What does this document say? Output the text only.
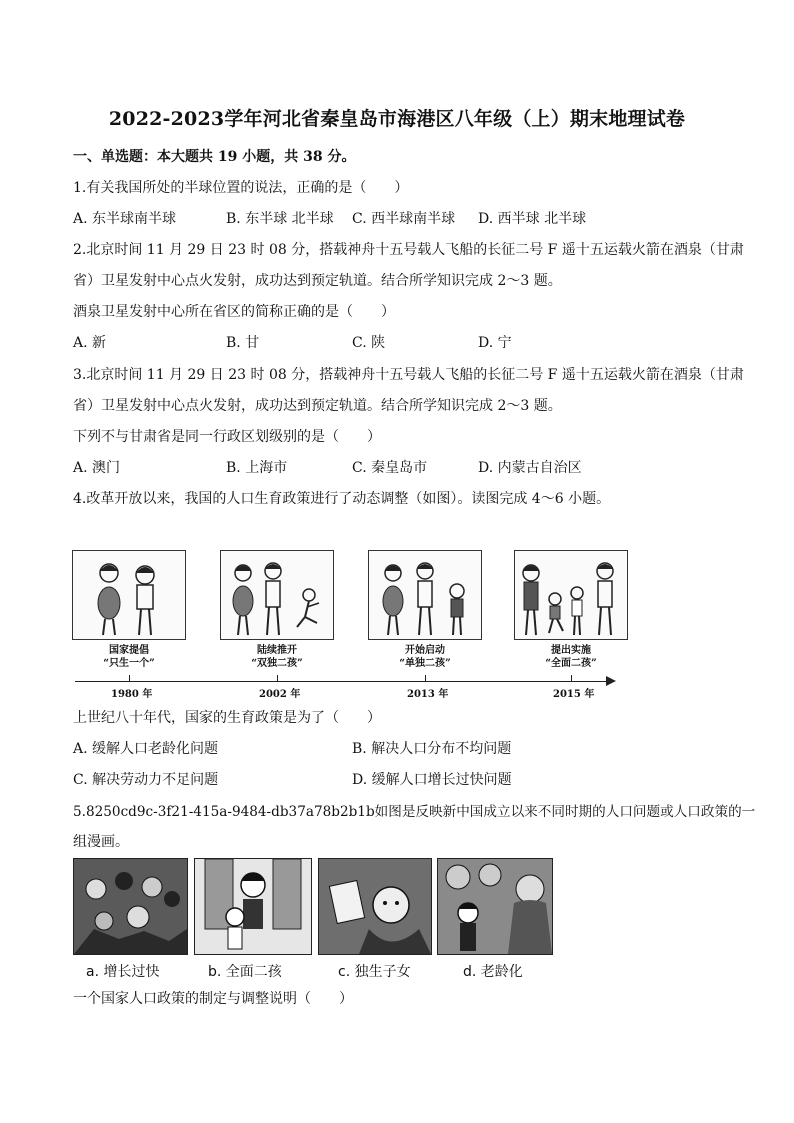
2022-2023学年河北省秦皇岛市海港区八年级（上）期末地理试卷
一、单选题：本大题共 19 小题，共 38 分。
1.有关我国所处的半球位置的说法，正确的是（　　）
A. 东半球南半球	B. 东半球 北半球 C. 西半球南半球 D. 西半球 北半球
2.北京时间 11 月 29 日 23 时 08 分，搭载神舟十五号载人飞船的长征二号 F 遥十五运载火箭在酒泉（甘肃
省）卫星发射中心点火发射，成功达到预定轨道。结合所学知识完成 2～3 题。
酒泉卫星发射中心所在省区的简称正确的是（　　）
A. 新	B. 甘	C. 陕	D. 宁
3.北京时间 11 月 29 日 23 时 08 分，搭载神舟十五号载人飞船的长征二号 F 遥十五运载火箭在酒泉（甘肃
省）卫星发射中心点火发射，成功达到预定轨道。结合所学知识完成 2～3 题。
下列不与甘肃省是同一行政区划级别的是（　　）
A. 澳门	B. 上海市	C. 秦皇岛市	D. 内蒙古自治区
4.改革开放以来，我国的人口生育政策进行了动态调整（如图）。读图完成 4～6 小题。
国家提倡
“只生一个”
陆续推开
“双独二孩”
开始启动
“单独二孩”
提出实施
“全面二孩”
1980 年	2002 年	2013 年	2015 年
上世纪八十年代，国家的生育政策是为了（　　）
A. 缓解人口老龄化问题	B. 解决人口分布不均问题
C. 解决劳动力不足问题	D. 缓解人口增长过快问题
5.8250cd9c-3f21-415a-9484-db37a78b2b1b如图是反映新中国成立以来不同时期的人口问题或人口政策的一
组漫画。
a. 增长过快	b. 全面二孩	c. 独生子女	d. 老龄化
一个国家人口政策的制定与调整说明（　　）
